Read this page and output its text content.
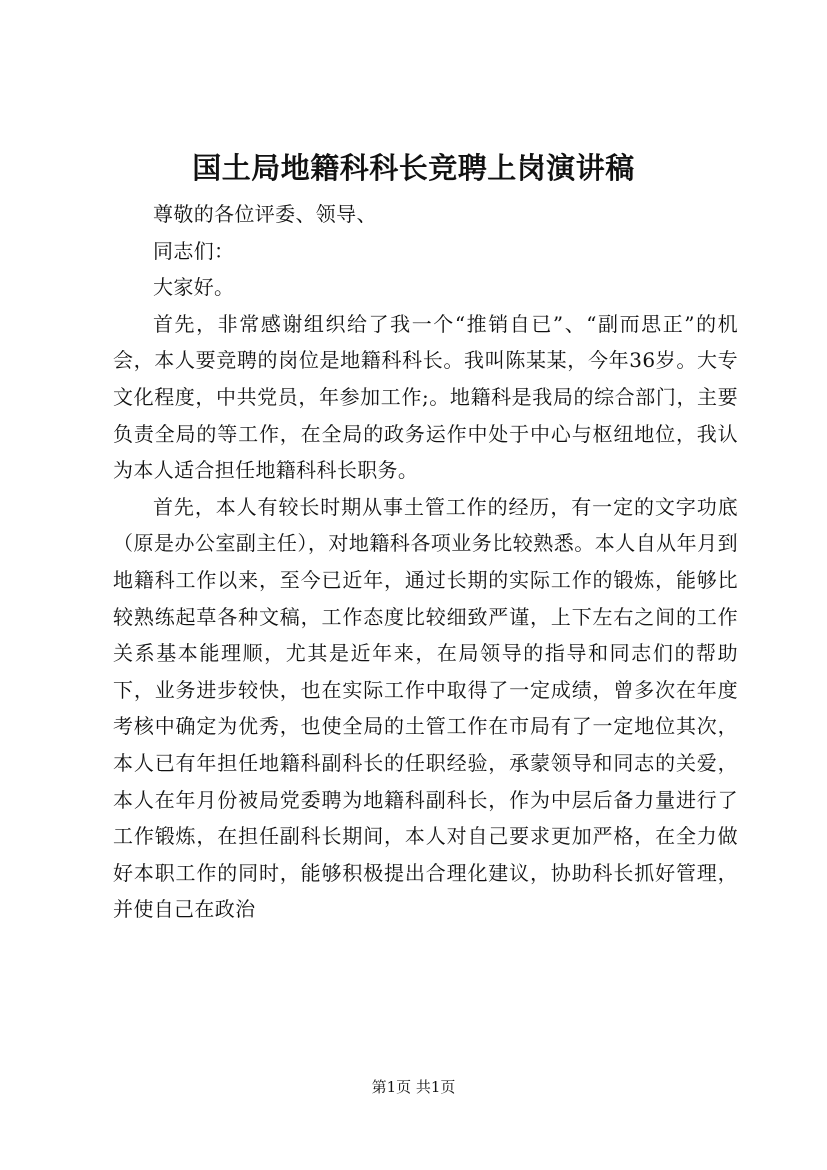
国土局地籍科科长竞聘上岗演讲稿

尊敬的各位评委、领导、

同志们：

大家好。

首先，非常感谢组织给了我一个“推销自已”、“副而思正”的机会，本人要竞聘的岗位是地籍科科长。我叫陈某某，今年36岁。大专文化程度，中共党员，年参加工作;。地籍科是我局的综合部门，主要负责全局的等工作，在全局的政务运作中处于中心与枢纽地位，我认为本人适合担任地籍科科长职务。

首先，本人有较长时期从事土管工作的经历，有一定的文字功底（原是办公室副主任），对地籍科各项业务比较熟悉。本人自从年月到地籍科工作以来，至今已近年，通过长期的实际工作的锻炼，能够比较熟练起草各种文稿，工作态度比较细致严谨，上下左右之间的工作关系基本能理顺，尤其是近年来，在局领导的指导和同志们的帮助下，业务进步较快，也在实际工作中取得了一定成绩，曾多次在年度考核中确定为优秀，也使全局的土管工作在市局有了一定地位其次，本人已有年担任地籍科副科长的任职经验，承蒙领导和同志的关爱，本人在年月份被局党委聘为地籍科副科长，作为中层后备力量进行了工作锻炼，在担任副科长期间，本人对自己要求更加严格，在全力做好本职工作的同时，能够积极提出合理化建议，协助科长抓好管理，并使自己在政治

第1页 共1页
